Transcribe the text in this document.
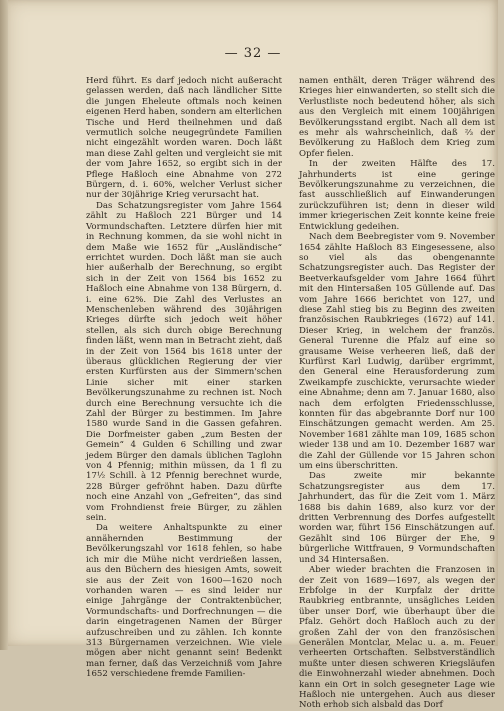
— 32 —

Herd führt. Es darf jedoch nicht außeracht gelassen werden, daß nach ländlicher Sitte die jungen Eheleute oftmals noch keinen eigenen Herd haben, sondern am elterlichen Tische und Herd theilnehmen und daß vermutlich solche neugegründete Familien nicht eingezählt worden waren. Doch läßt man diese Zahl gelten und vergleicht sie mit der vom Jahre 1652, so ergibt sich in der Pflege Haßloch eine Abnahme von 272 Bürgern, d. i. 60%, welcher Verlust sicher nur der 30jährige Krieg verursacht hat.

Das Schatzungsregister vom Jahre 1564 zählt zu Haßloch 221 Bürger und 14 Vormundschaften. Letztere dürfen hier mit in Rechnung kommen, da sie wohl nicht in dem Maße wie 1652 für „Ausländische“ errichtet wurden. Doch läßt man sie auch hier außerhalb der Berechnung, so ergibt sich in der Zeit von 1564 bis 1652 zu Haßloch eine Abnahme von 138 Bürgern, d. i. eine 62%. Die Zahl des Verlustes an Menschenleben während des 30jährigen Krieges dürfte sich jedoch weit höher stellen, als sich durch obige Berechnung finden läßt, wenn man in Betracht zieht, daß in der Zeit von 1564 bis 1618 unter der überaus glücklichen Regierung der vier ersten Kurfürsten aus der Simmern'schen Linie sicher mit einer starken Bevölkerungszunahme zu rechnen ist. Noch durch eine Berechnung versuchte ich die Zahl der Bürger zu bestimmen. Im Jahre 1580 wurde Sand in die Gassen gefahren. Die Dorfmeister gaben „zum Besten der Gemein“ 4 Gulden 6 Schilling und zwar jedem Bürger den damals üblichen Taglohn von 4 Pfennig; mithin müssen, da 1 fl zu 17½ Schill. à 12 Pfennig berechnet wurde, 228 Bürger gefröhnt haben. Dazu dürfte noch eine Anzahl von „Gefreiten“, das sind vom Frohndienst freie Bürger, zu zählen sein.

Da weitere Anhaltspunkte zu einer annähernden Bestimmung der Bevölkerungszahl vor 1618 fehlen, so habe ich mir die Mühe nicht verdrießen lassen, aus den Büchern des hiesigen Amts, soweit sie aus der Zeit von 1600—1620 noch vorhanden waren — es sind leider nur einige Jahrgänge der Contraktenbücher, Vormundschafts- und Dorfrechnungen — die darin eingetragenen Namen der Bürger aufzuschreiben und zu zählen. Ich konnte 313 Bürgernamen verzeichnen. Wie viele mögen aber nicht genannt sein! Bedenkt man ferner, daß das Verzeichniß vom Jahre 1652 verschiedene fremde Familien-

namen enthält, deren Träger während des Krieges hier einwanderten, so stellt sich die Verlustliste noch bedeutend höher, als sich aus den Vergleich mit einem 100jährigen Bevölkerungsstand ergibt. Nach all dem ist es mehr als wahrscheinlich, daß ⅔ der Bevölkerung zu Haßloch dem Krieg zum Opfer fielen.

In der zweiten Hälfte des 17. Jahrhunderts ist eine geringe Bevölkerungszunahme zu verzeichnen, die fast ausschließlich auf Einwanderungen zurückzuführen ist; denn in dieser wild immer kriegerischen Zeit konnte keine freie Entwicklung gedeihen.

Nach dem Beebregister vom 9. November 1654 zählte Haßloch 83 Eingesessene, also so viel als das obengenannte Schatzungsregister auch. Das Register der Beetverkaufsgelder vom Jahre 1664 führt mit den Hintersaßen 105 Güllende auf. Das vom Jahre 1666 berichtet von 127, und diese Zahl stieg bis zu Beginn des zweiten französischen Raubkrieges (1672) auf 141. Dieser Krieg, in welchem der französ. General Turenne die Pfalz auf eine so grausame Weise verheeren ließ, daß der Kurfürst Karl Ludwig, darüber ergrimmt, den General eine Herausforderung zum Zweikampfe zuschickte, verursachte wieder eine Abnahme; denn am 7. Januar 1680, also nach dem erfolgten Friedensschlusse, konnten für das abgebrannte Dorf nur 100 Einschätzungen gemacht werden. Am 25. November 1681 zählte man 109, 1685 schon wieder 138 und am 10. Dezember 1687 war die Zahl der Güllende vor 15 Jahren schon um eins überschritten.

Das zweite mir bekannte Schatzungsregister aus dem 17. Jahrhundert, das für die Zeit vom 1. März 1688 bis dahin 1689, also kurz vor der dritten Verbrennung des Dorfes aufgestellt worden war, führt 156 Einschätzungen auf. Gezählt sind 106 Bürger der Ehe, 9 bürgerliche Wittfrauen, 9 Vormundschaften und 34 Hintersaßen.

Aber wieder brachten die Franzosen in der Zeit von 1689—1697, als wegen der Erbfolge in der Kurpfalz der dritte Raubkrieg entbrannte, unsägliches Leiden über unser Dorf, wie überhaupt über die Pfalz. Gehört doch Haßloch auch zu der großen Zahl der von den französischen Generälen Montclar, Melac u. a. m. Feuer verheerten Ortschaften. Selbstverständlich mußte unter diesen schweren Kriegsläufen die Einwohnerzahl wieder abnehmen. Doch kann ein Ort in solch gesegneter Lage wie Haßloch nie untergehen. Auch aus dieser Noth erhob sich alsbald das Dorf
